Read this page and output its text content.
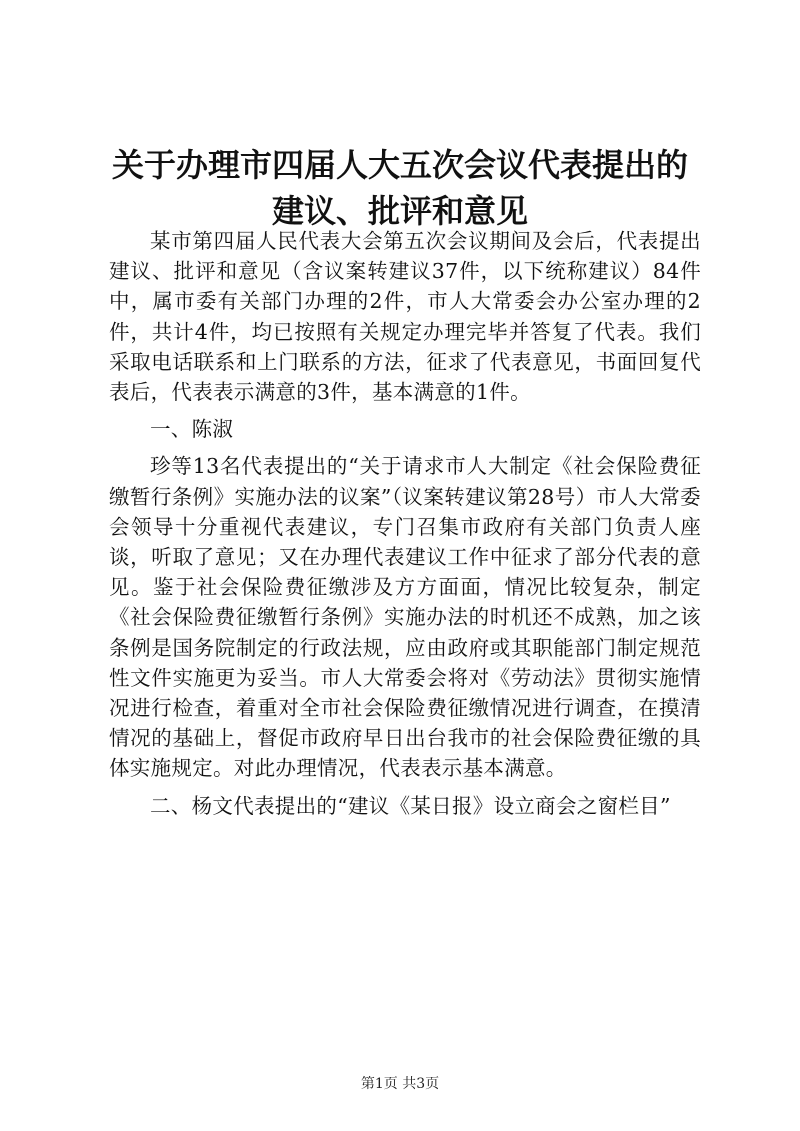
关于办理市四届人大五次会议代表提出的建议、批评和意见

某市第四届人民代表大会第五次会议期间及会后，代表提出建议、批评和意见（含议案转建议37件，以下统称建议）84件中，属市委有关部门办理的2件，市人大常委会办公室办理的2件，共计4件，均已按照有关规定办理完毕并答复了代表。我们采取电话联系和上门联系的方法，征求了代表意见，书面回复代表后，代表表示满意的3件，基本满意的1件。

一、陈淑

珍等13名代表提出的“关于请求市人大制定《社会保险费征缴暂行条例》实施办法的议案”（议案转建议第28号）市人大常委会领导十分重视代表建议，专门召集市政府有关部门负责人座谈，听取了意见；又在办理代表建议工作中征求了部分代表的意见。鉴于社会保险费征缴涉及方方面面，情况比较复杂，制定《社会保险费征缴暂行条例》实施办法的时机还不成熟，加之该条例是国务院制定的行政法规，应由政府或其职能部门制定规范性文件实施更为妥当。市人大常委会将对《劳动法》贯彻实施情况进行检查，着重对全市社会保险费征缴情况进行调查，在摸清情况的基础上，督促市政府早日出台我市的社会保险费征缴的具体实施规定。对此办理情况，代表表示基本满意。

二、杨文代表提出的“建议《某日报》设立商会之窗栏目”

第1页 共3页
